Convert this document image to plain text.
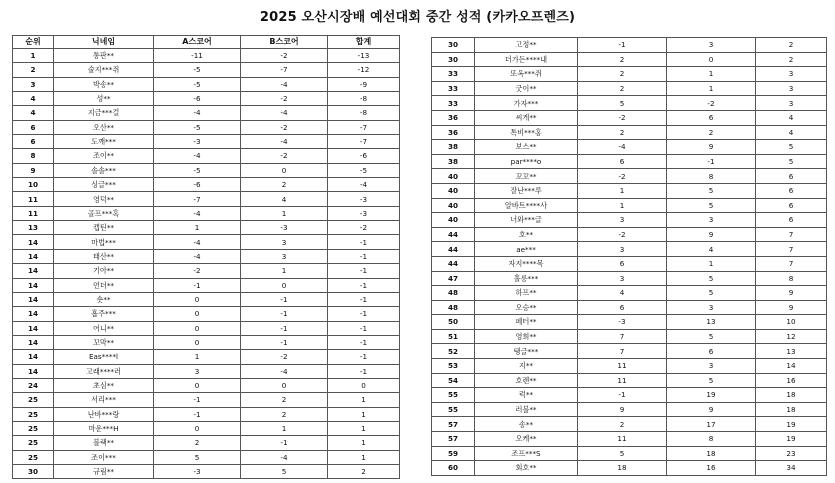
2025 오산시장배 예선대회 중간 성적 (카카오프렌즈)
순위	닉네임	A스코어	B스코어	합계
1	통판**	-11	-2	-13
2	술지***쥐	-5	-7	-12
3	박송**	-5	-4	-9
4	성**	-6	-2	-8
4	지금***걸	-4	-4	-8
6	오산**	-5	-2	-7
6	도깨***	-3	-4	-7
8	조이**	-4	-2	-6
9	솔솔***	-5	0	-5
10	싱글***	-6	2	-4
11	영덕**	-7	4	-3
11	골프***혹	-4	1	-3
13	캡틴**	1	-3	-2
14	마법***	-4	3	-1
14	태산**	-4	3	-1
14	기아**	-2	1	-1
14	언더**	-1	0	-1
14	숏**	0	-1	-1
14	흡주***	0	-1	-1
14	어니**	0	-1	-1
14	꼬막**	0	-1	-1
14	Eas****l	1	-2	-1
14	고래****러	3	-4	-1
24	초심**	0	0	0
25	서리***	-1	2	1
25	난바***랑	-1	2	1
25	마운***H	0	1	1
25	블랙**	2	-1	1
25	조이***	5	-4	1
30	규림**	-3	5	2
30	고정**	-1	3	2
30	더가든****내	2	0	2
33	또옥***쥐	2	1	3
33	굿이**	2	1	3
33	가자***	5	-2	3
36	씨게**	-2	6	4
36	톡비***홍	2	2	4
38	보스**	-4	9	5
38	par****o	6	-1	5
40	꼬꼬**	-2	8	6
40	잘난***루	1	5	6
40	알바트****사	1	5	6
40	너와***글	3	3	6
44	호**	-2	9	7
44	ae***	3	4	7
44	자지****목	6	1	7
47	홀릉***	3	5	8
48	하프**	4	5	9
48	오승**	6	3	9
50	페터**	-3	13	10
51	영희**	7	5	12
52	탱글***	7	6	13
53	지**	11	3	14
54	호렌**	11	5	16
55	럭**	-1	19	18
55	러블**	9	9	18
57	송**	2	17	19
57	오케**	11	8	19
59	조프***S	5	18	23
60	회호**	18	16	34
